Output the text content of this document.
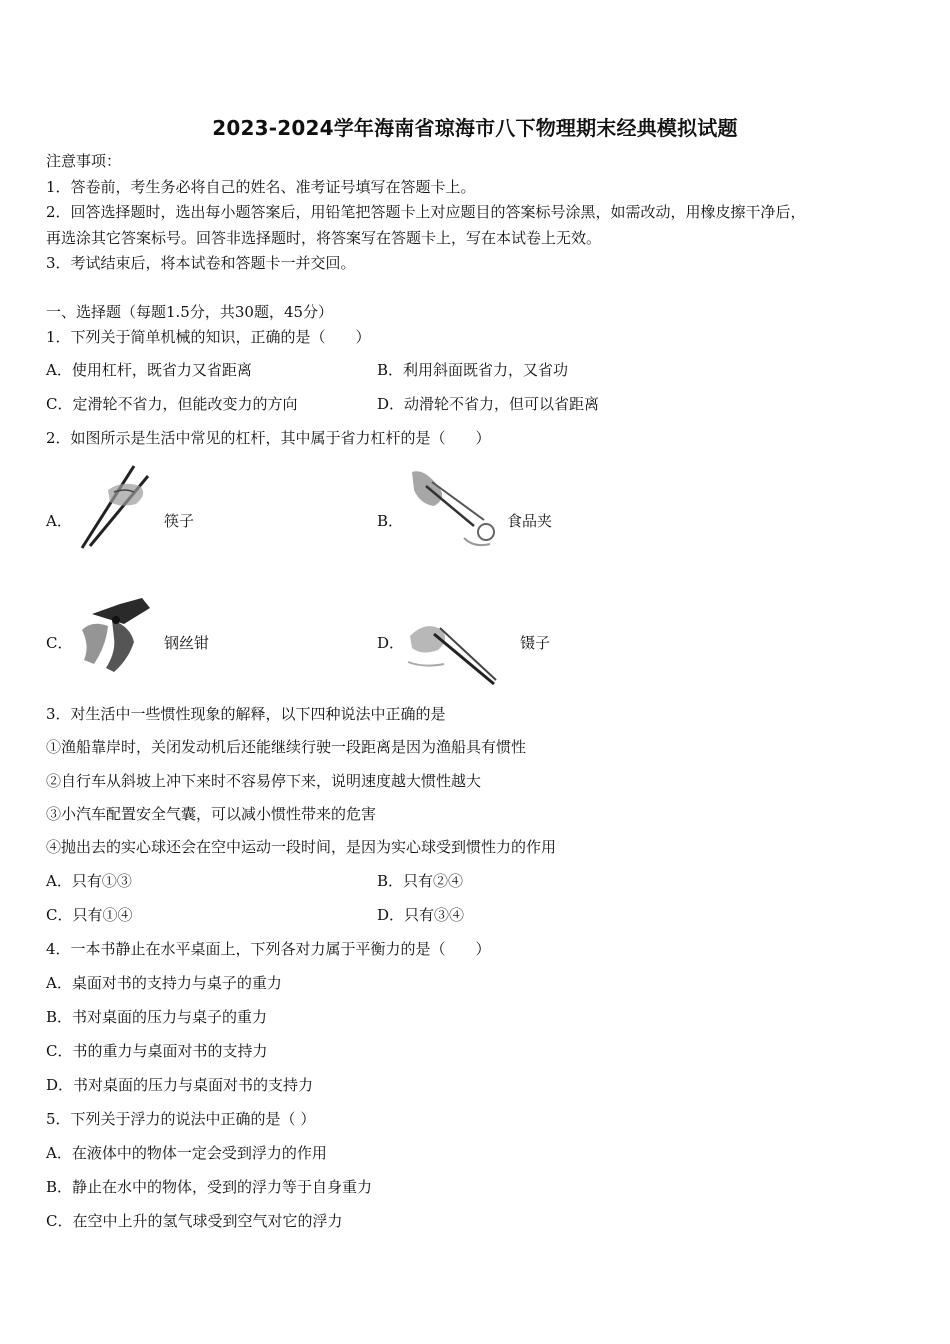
2023-2024学年海南省琼海市八下物理期末经典模拟试题
注意事项：
1．答卷前，考生务必将自己的姓名、准考证号填写在答题卡上。
2．回答选择题时，选出每小题答案后，用铅笔把答题卡上对应题目的答案标号涂黑，如需改动，用橡皮擦干净后，
再选涂其它答案标号。回答非选择题时，将答案写在答题卡上，写在本试卷上无效。
3．考试结束后，将本试卷和答题卡一并交回。
一、选择题（每题1.5分，共30题，45分）
1．下列关于简单机械的知识，正确的是（　　）
A．使用杠杆，既省力又省距离	B．利用斜面既省力，又省功
C．定滑轮不省力，但能改变力的方向	D．动滑轮不省力，但可以省距离
2．如图所示是生活中常见的杠杆，其中属于省力杠杆的是（　　）
A．	筷子	B．	食品夹
C．	钢丝钳	D．	镊子
3．对生活中一些惯性现象的解释，以下四种说法中正确的是
①渔船靠岸时，关闭发动机后还能继续行驶一段距离是因为渔船具有惯性
②自行车从斜坡上冲下来时不容易停下来，说明速度越大惯性越大
③小汽车配置安全气囊，可以减小惯性带来的危害
④抛出去的实心球还会在空中运动一段时间，是因为实心球受到惯性力的作用
A．只有①③	B．只有②④
C．只有①④	D．只有③④
4．一本书静止在水平桌面上，下列各对力属于平衡力的是（　　）
A．桌面对书的支持力与桌子的重力
B．书对桌面的压力与桌子的重力
C．书的重力与桌面对书的支持力
D．书对桌面的压力与桌面对书的支持力
5．下列关于浮力的说法中正确的是（ ）
A．在液体中的物体一定会受到浮力的作用
B．静止在水中的物体，受到的浮力等于自身重力
C．在空中上升的氢气球受到空气对它的浮力
